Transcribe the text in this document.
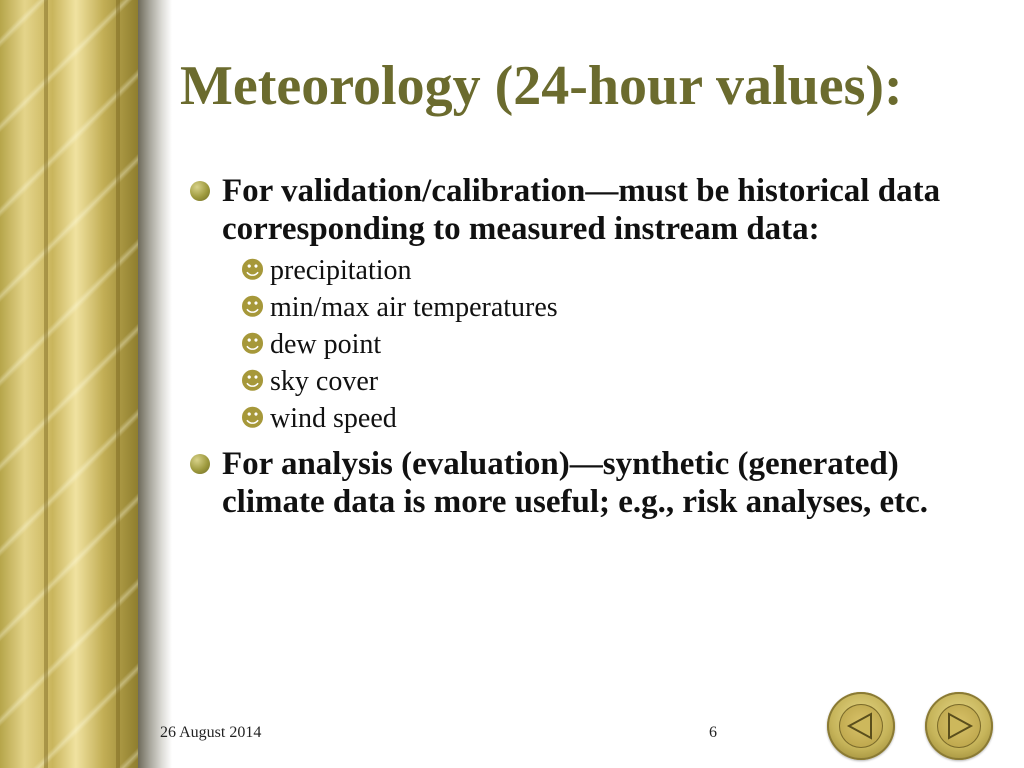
Meteorology (24-hour values):
For validation/calibration—must be historical data corresponding to measured instream data:
☻ precipitation
☻ min/max air temperatures
☻ dew point
☻ sky cover
☻ wind speed
For analysis (evaluation)—synthetic (generated) climate data is more useful; e.g., risk analyses, etc.
26 August 2014	6
